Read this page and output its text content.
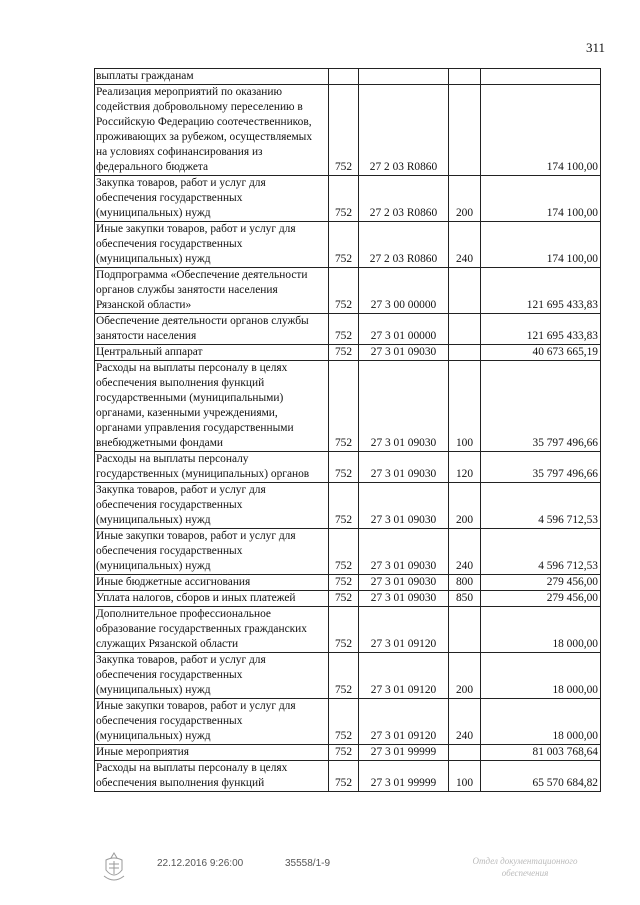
311
выплаты гражданам				
Реализация мероприятий по оказанию содействия добровольному переселению в Российскую Федерацию соотечественников, проживающих за рубежом, осуществляемых на условиях софинансирования из федерального бюджета	752	27 2 03 R0860		174 100,00
Закупка товаров, работ и услуг для обеспечения государственных (муниципальных) нужд	752	27 2 03 R0860	200	174 100,00
Иные закупки товаров, работ и услуг для обеспечения государственных (муниципальных) нужд	752	27 2 03 R0860	240	174 100,00
Подпрограмма «Обеспечение деятельности органов службы занятости населения Рязанской области»	752	27 3 00 00000		121 695 433,83
Обеспечение деятельности органов службы занятости населения	752	27 3 01 00000		121 695 433,83
Центральный аппарат	752	27 3 01 09030		40 673 665,19
Расходы на выплаты персоналу в целях обеспечения выполнения функций государственными (муниципальными) органами, казенными учреждениями, органами управления государственными внебюджетными фондами	752	27 3 01 09030	100	35 797 496,66
Расходы на выплаты персоналу государственных (муниципальных) органов	752	27 3 01 09030	120	35 797 496,66
Закупка товаров, работ и услуг для обеспечения государственных (муниципальных) нужд	752	27 3 01 09030	200	4 596 712,53
Иные закупки товаров, работ и услуг для обеспечения государственных (муниципальных) нужд	752	27 3 01 09030	240	4 596 712,53
Иные бюджетные ассигнования	752	27 3 01 09030	800	279 456,00
Уплата налогов, сборов и иных платежей	752	27 3 01 09030	850	279 456,00
Дополнительное профессиональное образование государственных гражданских служащих Рязанской области	752	27 3 01 09120		18 000,00
Закупка товаров, работ и услуг для обеспечения государственных (муниципальных) нужд	752	27 3 01 09120	200	18 000,00
Иные закупки товаров, работ и услуг для обеспечения государственных (муниципальных) нужд	752	27 3 01 09120	240	18 000,00
Иные мероприятия	752	27 3 01 99999		81 003 768,64
Расходы на выплаты персоналу в целях обеспечения выполнения функций	752	27 3 01 99999	100	65 570 684,82
22.12.2016 9:26:00	35558/1-9	Отдел документационного
обеспечения
